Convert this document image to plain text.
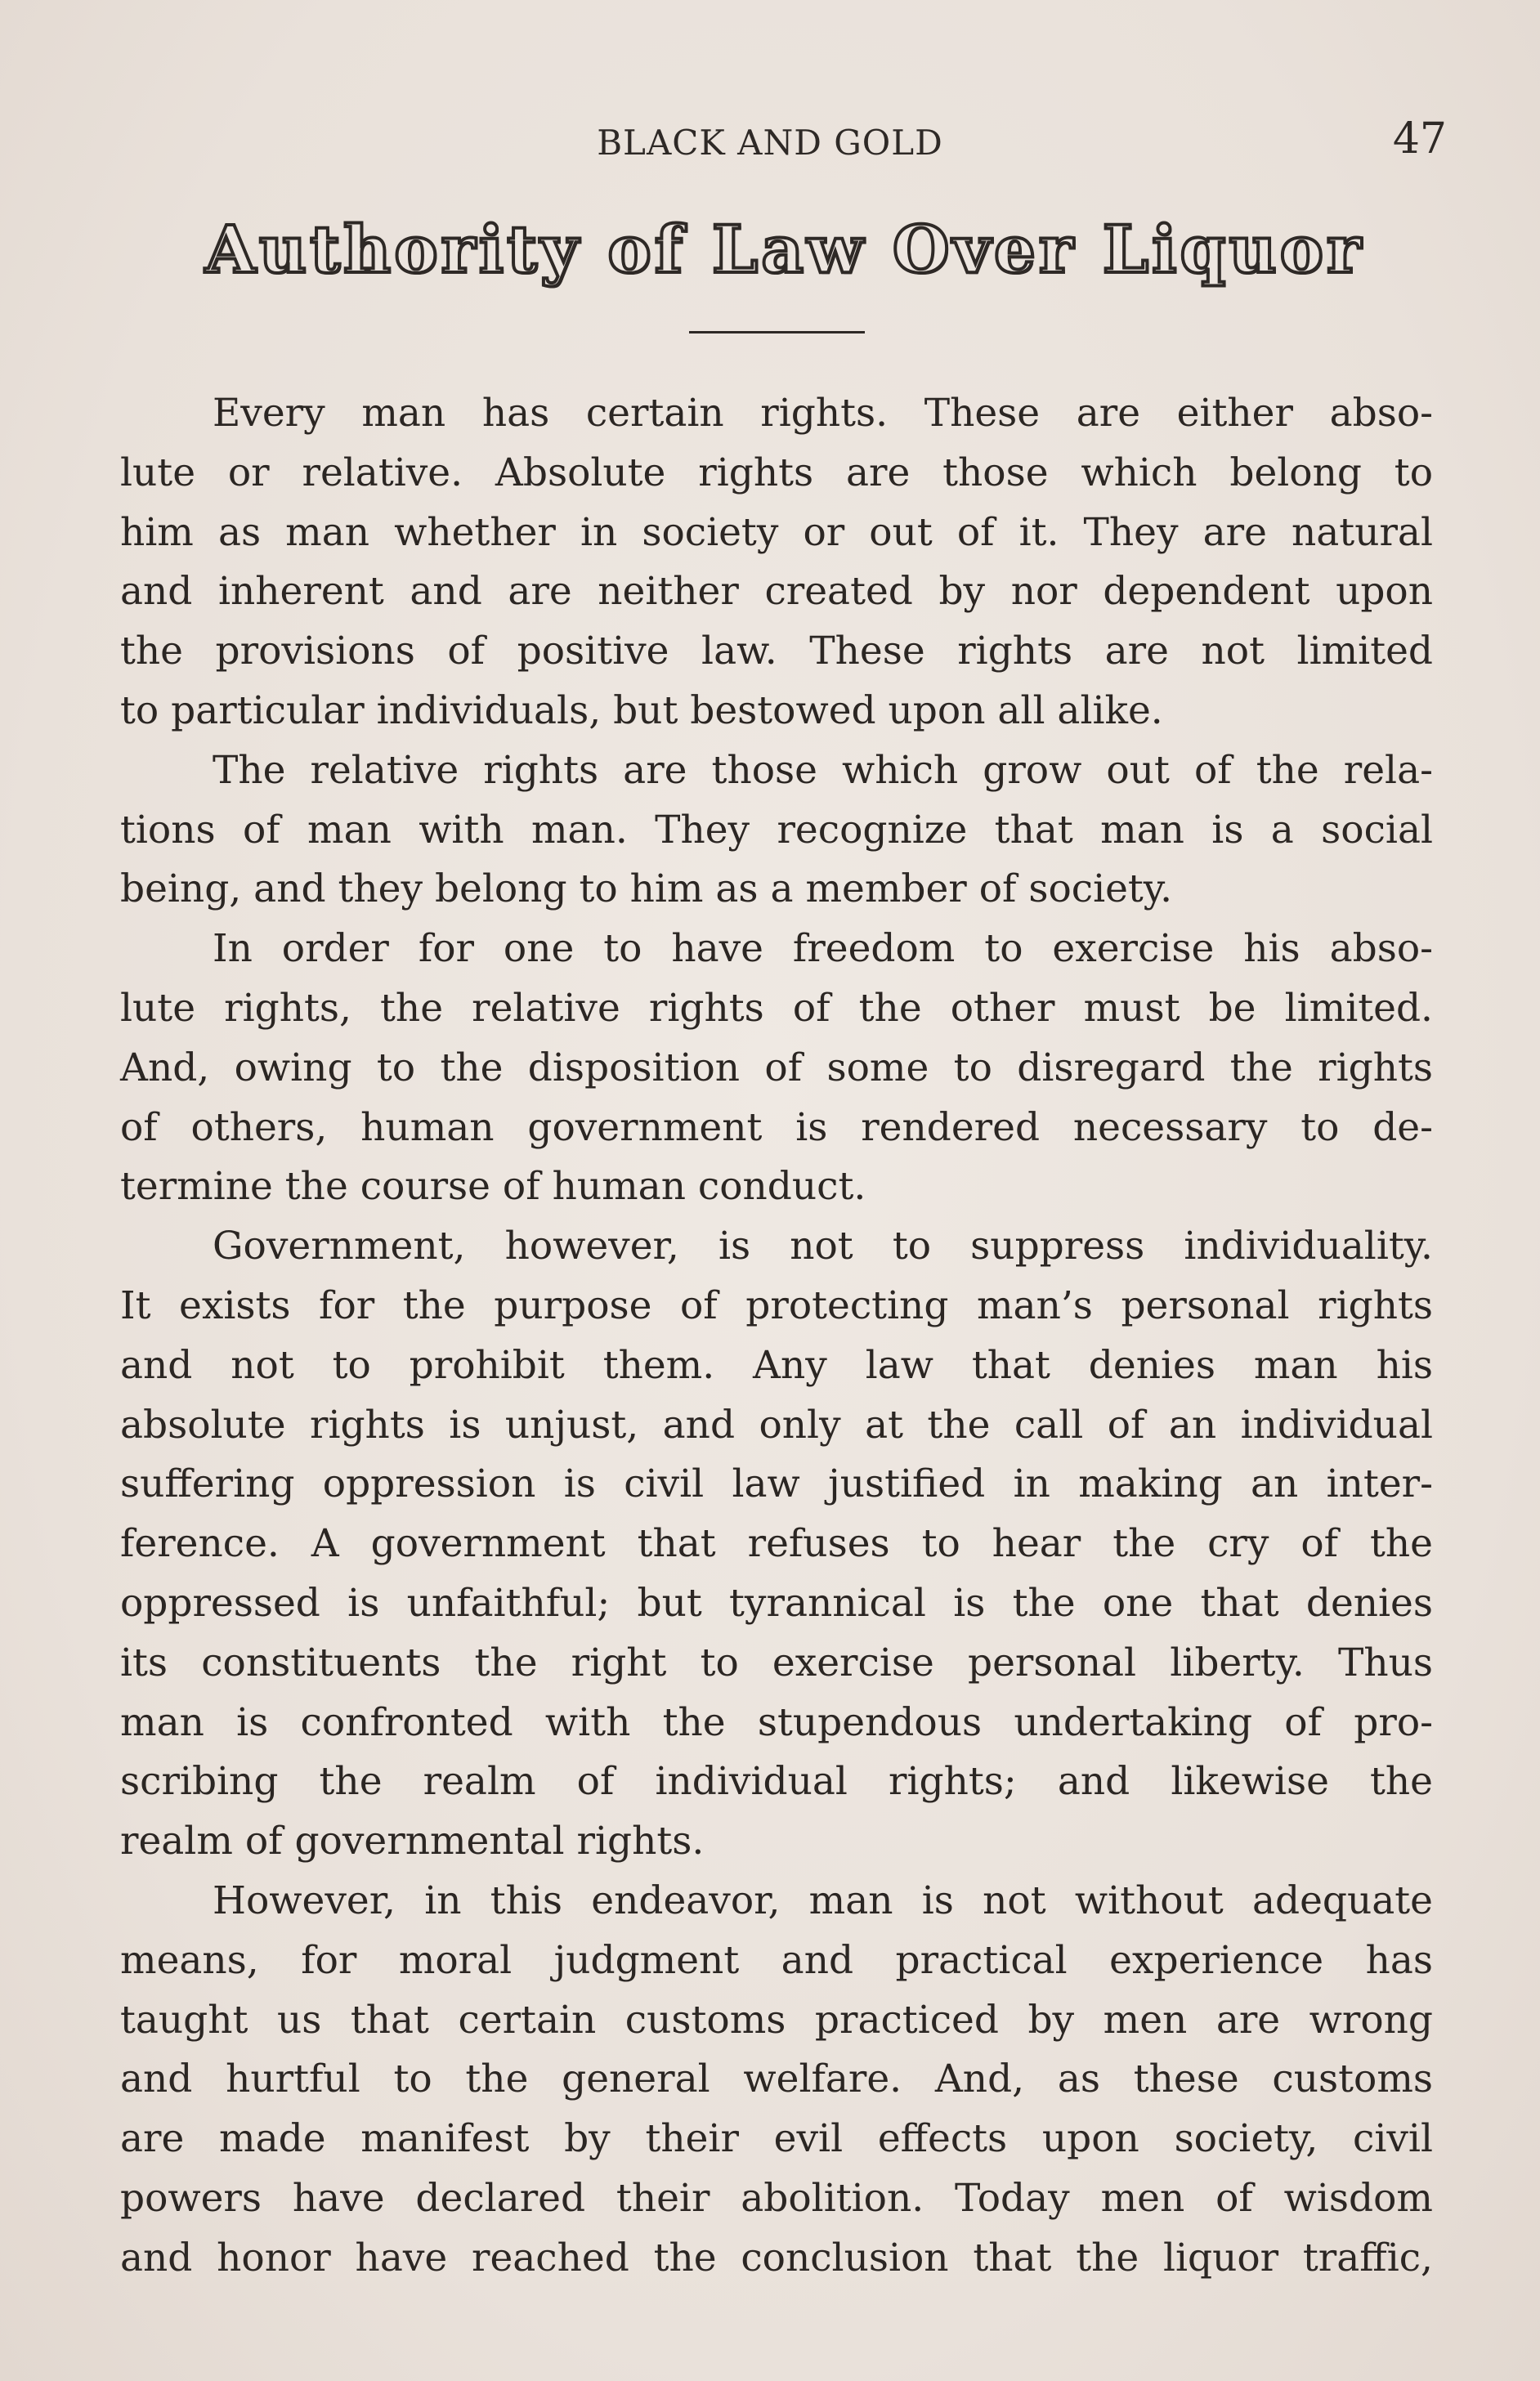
BLACK AND GOLD	47
Authority of Law Over Liquor
Every man has certain rights. These are either abso-
lute or relative. Absolute rights are those which belong to
him as man whether in society or out of it. They are natural
and inherent and are neither created by nor dependent upon
the provisions of positive law. These rights are not limited
to particular individuals, but bestowed upon all alike.
The relative rights are those which grow out of the rela-
tions of man with man. They recognize that man is a social
being, and they belong to him as a member of society.
In order for one to have freedom to exercise his abso-
lute rights, the relative rights of the other must be limited.
And, owing to the disposition of some to disregard the rights
of others, human government is rendered necessary to de-
termine the course of human conduct.
Government, however, is not to suppress individuality.
It exists for the purpose of protecting man’s personal rights
and not to prohibit them. Any law that denies man his
absolute rights is unjust, and only at the call of an individual
suffering oppression is civil law justified in making an inter-
ference. A government that refuses to hear the cry of the
oppressed is unfaithful; but tyrannical is the one that denies
its constituents the right to exercise personal liberty. Thus
man is confronted with the stupendous undertaking of pro-
scribing the realm of individual rights; and likewise the
realm of governmental rights.
However, in this endeavor, man is not without adequate
means, for moral judgment and practical experience has
taught us that certain customs practiced by men are wrong
and hurtful to the general welfare. And, as these customs
are made manifest by their evil effects upon society, civil
powers have declared their abolition. Today men of wisdom
and honor have reached the conclusion that the liquor traffic,
